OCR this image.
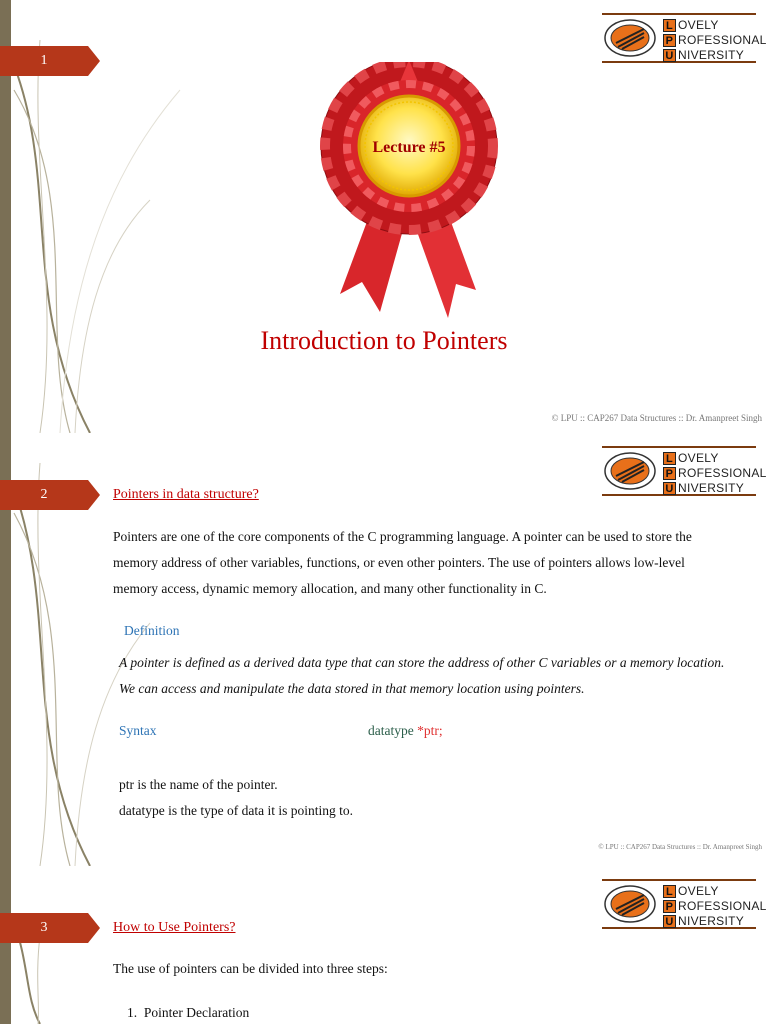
1
L OVELY
P ROFESSIONAL
U NIVERSITY
Lecture #5
Introduction to Pointers
© LPU :: CAP267 Data Structures :: Dr. Amanpreet Singh
2
L OVELY
P ROFESSIONAL
U NIVERSITY
Pointers in data structure?
Pointers are one of the core components of the C programming language. A pointer can be used to store the memory address of other variables, functions, or even other pointers. The use of pointers allows low-level memory access, dynamic memory allocation, and many other functionality in C.
Definition
A pointer is defined as a derived data type that can store the address of other C variables or a memory location. We can access and manipulate the data stored in that memory location using pointers.
Syntax	datatype *ptr;
ptr is the name of the pointer.
datatype is the type of data it is pointing to.
© LPU :: CAP267 Data Structures :: Dr. Amanpreet Singh
3
L OVELY
P ROFESSIONAL
U NIVERSITY
How to Use Pointers?
The use of pointers can be divided into three steps:
1. Pointer Declaration
